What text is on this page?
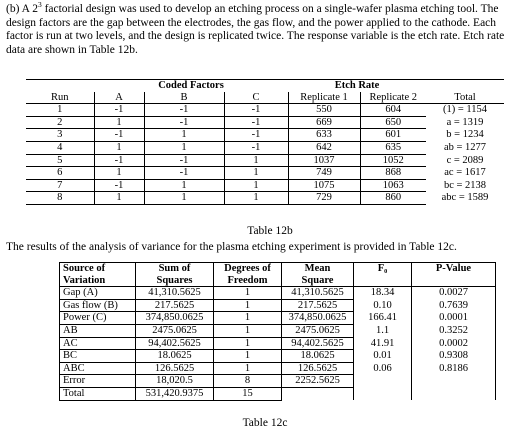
(b) A $2^3$ factorial design was used to develop an etching process on a single-wafer plasma etching tool. The design factors are the gap between the electrodes, the gas flow, and the power applied to the cathode. Each factor is run at two levels, and the design is replicated twice. The response variable is the etch rate. Etch rate data are shown in Table 12b.
	Coded Factors			Etch Rate		
Run	A	B	C	Replicate 1	Replicate 2	Total
1	-1	-1	-1	550	604	(1) = 1154
2	1	-1	-1	669	650	a = 1319
3	-1	1	-1	633	601	b = 1234
4	1	1	-1	642	635	ab = 1277
5	-1	-1	1	1037	1052	c = 2089
6	1	-1	1	749	868	ac = 1617
7	-1	1	1	1075	1063	bc = 2138
8	1	1	1	729	860	abc = 1589
Table 12b
The results of the analysis of variance for the plasma etching experiment is provided in Table 12c.
Source of	Sum of	Degrees of	Mean	F₀	P-Value
Variation	Squares	Freedom	Square		
Gap (A)	41,310.5625	1	41,310.5625	18.34	0.0027
Gas flow (B)	217.5625	1	217.5625	0.10	0.7639
Power (C)	374,850.0625	1	374,850.0625	166.41	0.0001
AB	2475.0625	1	2475.0625	1.1	0.3252
AC	94,402.5625	1	94,402.5625	41.91	0.0002
BC	18.0625	1	18.0625	0.01	0.9308
ABC	126.5625	1	126.5625	0.06	0.8186
Error	18,020.5	8	2252.5625		
Total	531,420.9375	15			
Table 12c
